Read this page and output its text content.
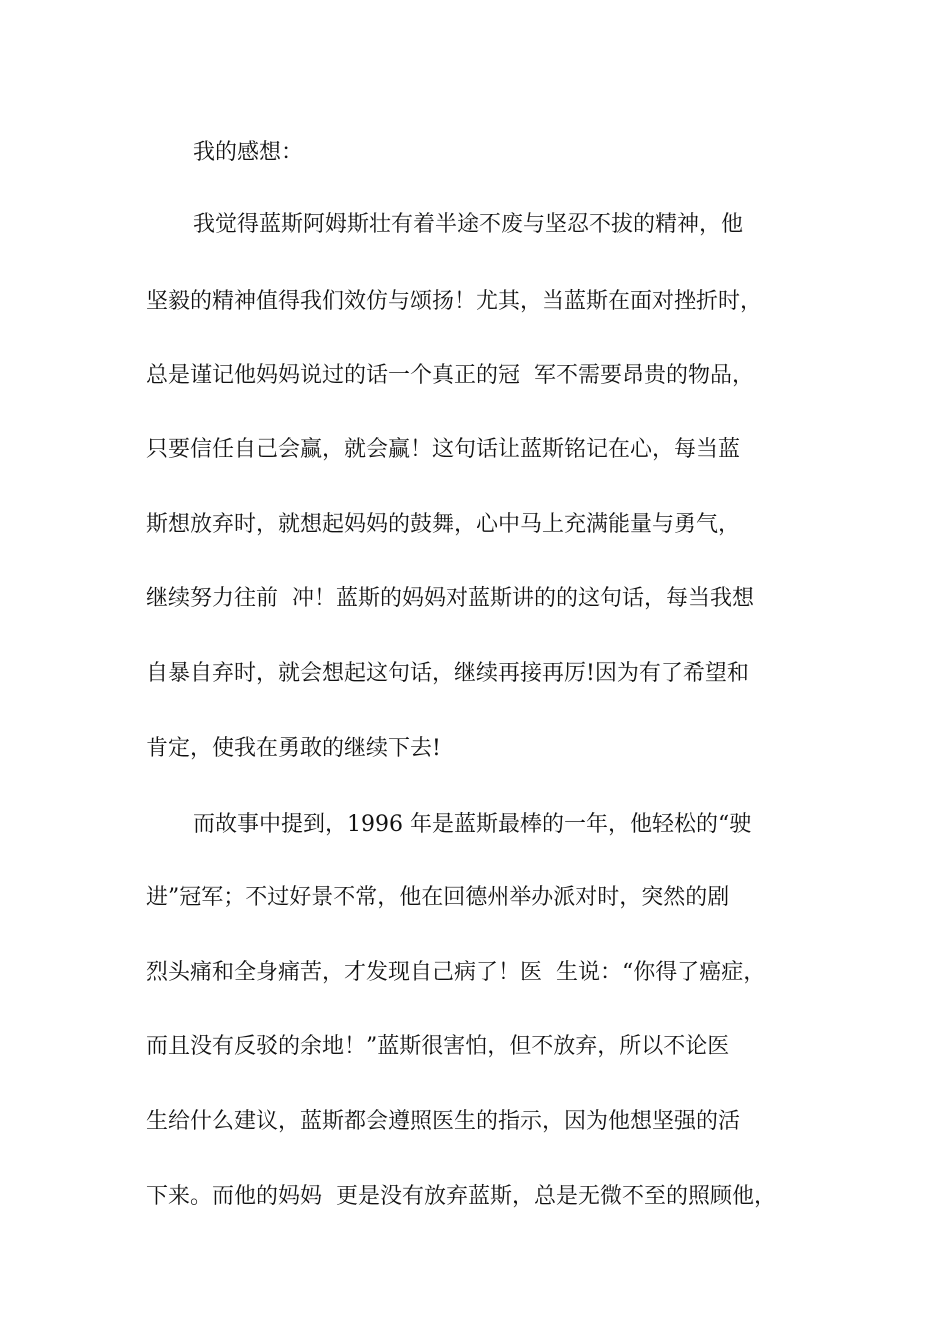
我的感想：
我觉得蓝斯阿姆斯壮有着半途不废与坚忍不拔的精神，他
坚毅的精神值得我们效仿与颂扬！尤其，当蓝斯在面对挫折时，
总是谨记他妈妈说过的话一个真正的冠  军不需要昂贵的物品，
只要信任自己会赢，就会赢！这句话让蓝斯铭记在心，每当蓝
斯想放弃时，就想起妈妈的鼓舞，心中马上充满能量与勇气，
继续努力往前  冲！蓝斯的妈妈对蓝斯讲的的这句话，每当我想
自暴自弃时，就会想起这句话，继续再接再厉!因为有了希望和
肯定，使我在勇敢的继续下去!
而故事中提到，1996 年是蓝斯最棒的一年，他轻松的“驶
进”冠军；不过好景不常，他在回德州举办派对时，突然的剧
烈头痛和全身痛苦，才发现自己病了！医  生说：“你得了癌症，
而且没有反驳的余地！”蓝斯很害怕，但不放弃，所以不论医
生给什么建议，蓝斯都会遵照医生的指示，因为他想坚强的活
下来。而他的妈妈  更是没有放弃蓝斯，总是无微不至的照顾他，
